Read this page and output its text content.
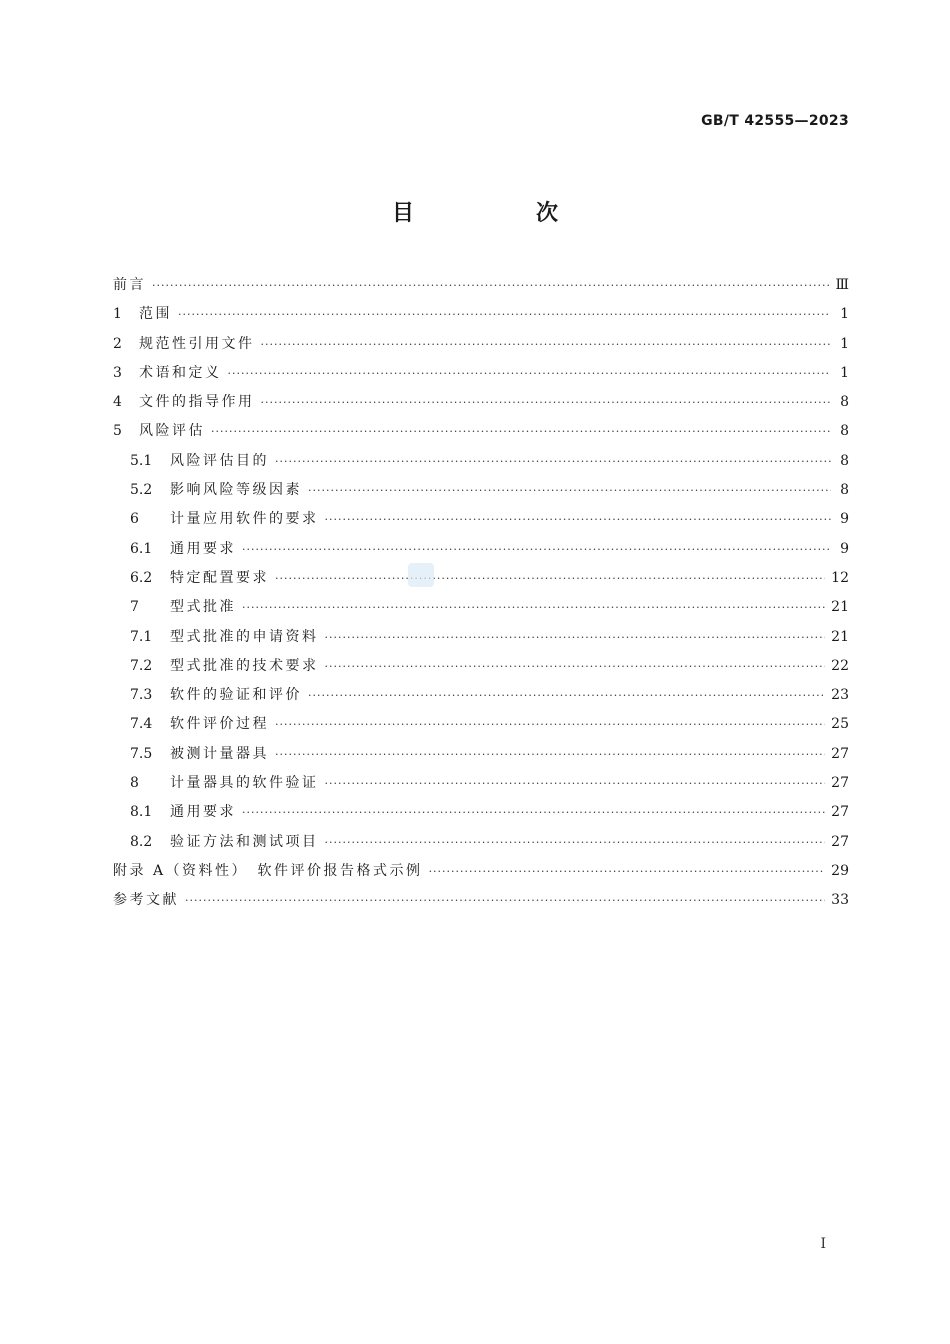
GB/T 42555—2023
目　次
前言 ·····	Ⅲ
1	范围 ·····	1
2	规范性引用文件 ·····	1
3	术语和定义 ·····	1
4	文件的指导作用 ·····	8
5	风险评估 ·····	8
5.1	风险评估目的 ·····	8
5.2	影响风险等级因素 ·····	8
6	计量应用软件的要求 ·····	9
6.1	通用要求 ·····	9
6.2	特定配置要求 ·····	12
7	型式批准 ·····	21
7.1	型式批准的申请资料 ·····	21
7.2	型式批准的技术要求 ·····	22
7.3	软件的验证和评价 ·····	23
7.4	软件评价过程 ·····	25
7.5	被测计量器具 ·····	27
8	计量器具的软件验证 ·····	27
8.1	通用要求 ·····	27
8.2	验证方法和测试项目 ·····	27
附录 A（资料性）　软件评价报告格式示例 ·····	29
参考文献 ·····	33
I
